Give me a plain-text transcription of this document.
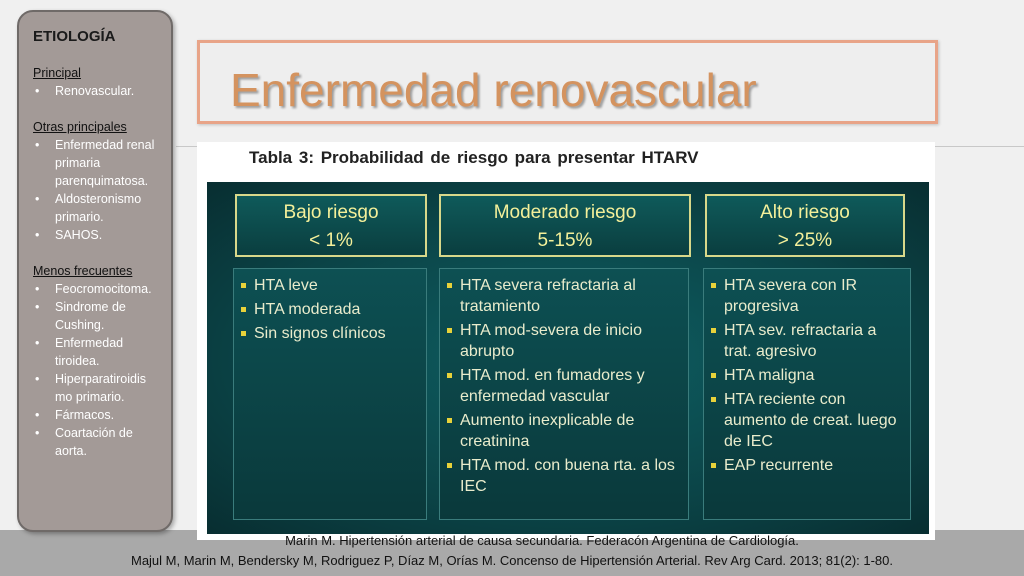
ETIOLOGÍA

Principal

• Renovascular.

Otras principales

• Enfermedad renal primaria parenquimatosa.
• Aldosteronismo primario.
• SAHOS.

Menos frecuentes

• Feocromocitoma.
• Sindrome de Cushing.
• Enfermedad tiroidea.
• Hiperparatiroidis mo primario.
• Fármacos.
• Coartación de aorta.
Enfermedad renovascular
Tabla 3: Probabilidad de riesgo para presentar HTARV
Bajo riesgo
< 1%
Moderado riesgo
5-15%
Alto riesgo
> 25%
HTA leve
HTA moderada
Sin signos clínicos
HTA severa refractaria al tratamiento
HTA mod-severa de inicio abrupto
HTA mod. en fumadores y enfermedad vascular
Aumento inexplicable de creatinina
HTA mod. con buena rta. a los IEC
HTA severa con IR progresiva
HTA sev. refractaria a trat. agresivo
HTA maligna
HTA reciente con aumento de creat. luego de IEC
EAP recurrente
Marin M. Hipertensión arterial de causa secundaria. Federacón Argentina de Cardiología.
Majul M, Marin M, Bendersky M, Rodriguez P, Díaz M, Orías M. Concenso de Hipertensión Arterial. Rev Arg Card. 2013; 81(2): 1-80.
